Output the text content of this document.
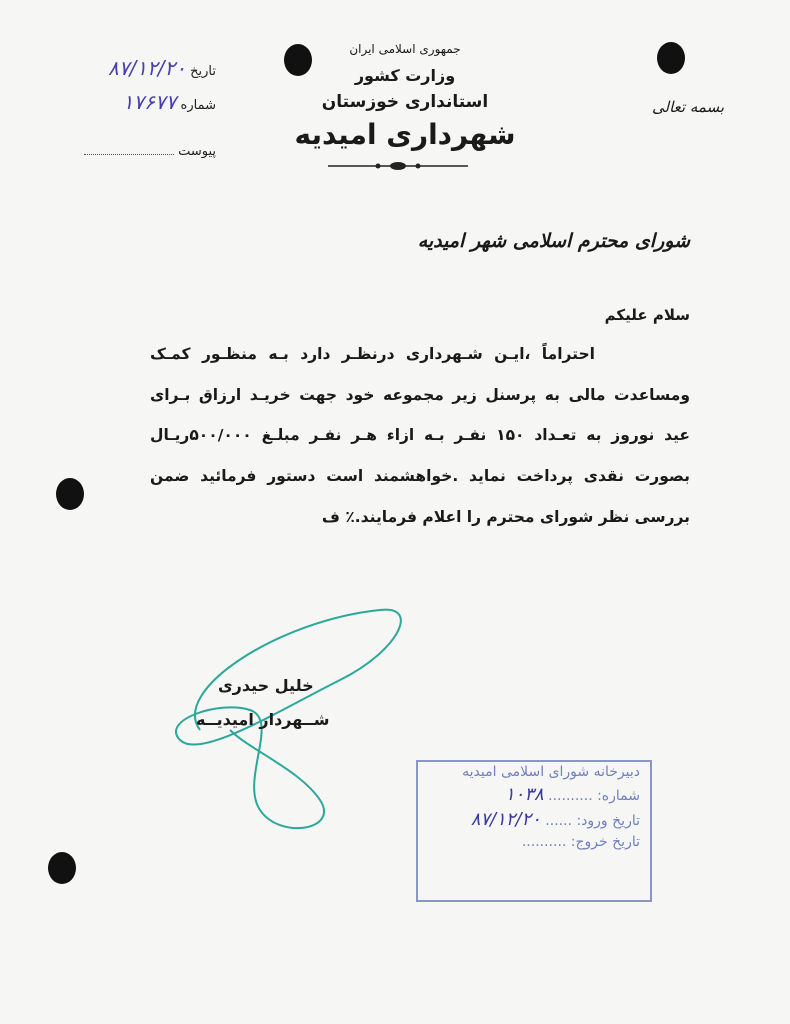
جمهوری اسلامی ایران
وزارت کشور
استانداری خوزستان
شهرداری امیدیه
بسمه تعالی
تاریخ ۸۷/۱۲/۲۰
شماره ۱۷۶۷۷
پیوست
شورای محترم اسلامی شهر امیدیه
سلام علیکم
احتراماً ،ایـن شـهرداری درنظـر دارد بـه منظـور کمـک
ومساعدت مالی به پرسنل زیر مجموعه خود جهت خریـد ارزاق بـرای
عید نوروز به تعـداد ۱۵۰ نفـر بـه ازاء هـر نفـر مبلـغ ۵۰۰/۰۰۰ریـال
بصورت نقدی پرداخت نماید .خواهشمند است دستور فرمائید ضمن
بررسی نظر شورای محترم را اعلام فرمایند.٪ ف
خلیل حیدری
شــهردار امیدیــه
دبیرخانه شورای اسلامی امیدیه
شماره: .......... ۱۰۳۸
تاریخ ورود: ...... ۸۷/۱۲/۲۰
تاریخ خروج: ..........
